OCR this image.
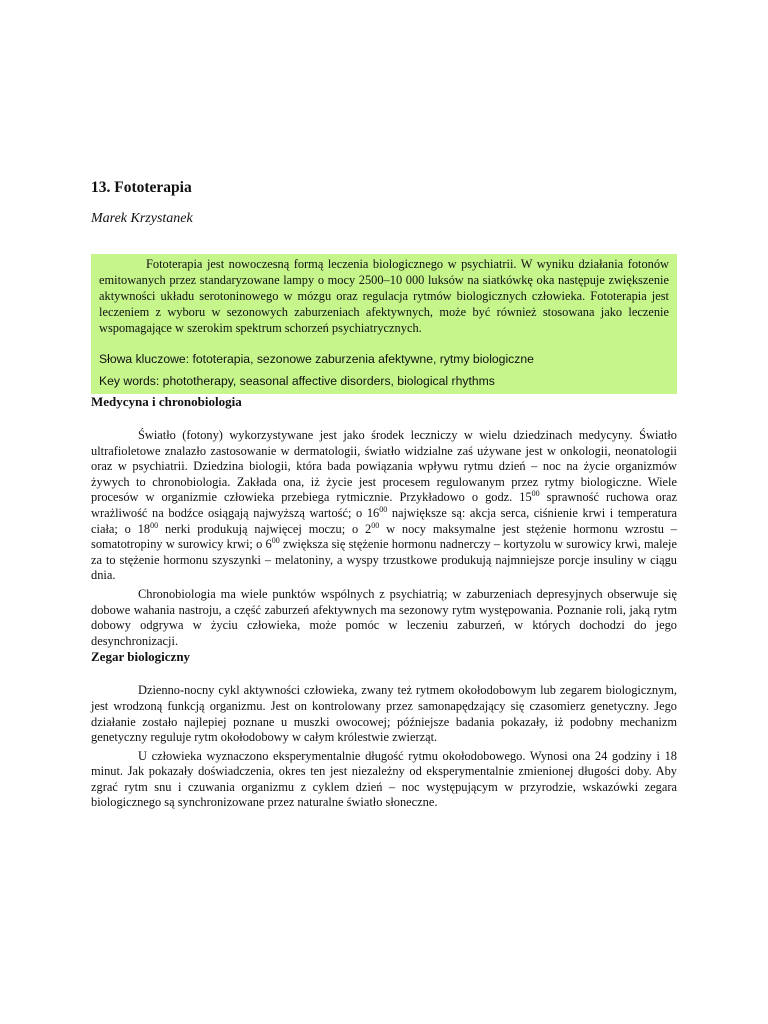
13. Fototerapia

Marek Krzystanek

Fototerapia jest nowoczesną formą leczenia biologicznego w psychiatrii. W wyniku działania fotonów emitowanych przez standaryzowane lampy o mocy 2500–10 000 luksów na siatkówkę oka następuje zwiększenie aktywności układu serotoninowego w mózgu oraz regulacja rytmów biologicznych człowieka. Fototerapia jest leczeniem z wyboru w sezonowych zaburzeniach afektywnych, może być również stosowana jako leczenie wspomagające w szerokim spektrum schorzeń psychiatrycznych.

Słowa kluczowe: fototerapia, sezonowe zaburzenia afektywne, rytmy biologiczne

Key words: phototherapy, seasonal affective disorders, biological rhythms

Medycyna i chronobiologia

Światło (fotony) wykorzystywane jest jako środek leczniczy w wielu dziedzinach medycyny. Światło ultrafioletowe znalazło zastosowanie w dermatologii, światło widzialne zaś używane jest w onkologii, neonatologii oraz w psychiatrii. Dziedzina biologii, która bada powiązania wpływu rytmu dzień – noc na życie organizmów żywych to chronobiologia. Zakłada ona, iż życie jest procesem regulowanym przez rytmy biologiczne. Wiele procesów w organizmie człowieka przebiega rytmicznie. Przykładowo o godz. $15^{00}$ sprawność ruchowa oraz wrażliwość na bodźce osiągają najwyższą wartość; o $16^{00}$ największe są: akcja serca, ciśnienie krwi i temperatura ciała; o $18^{00}$ nerki produkują najwięcej moczu; o $2^{00}$ w nocy maksymalne jest stężenie hormonu wzrostu – somatotropiny w surowicy krwi; o $6^{00}$ zwiększa się stężenie hormonu nadnerczy – kortyzolu w surowicy krwi, maleje za to stężenie hormonu szyszynki – melatoniny, a wyspy trzustkowe produkują najmniejsze porcje insuliny w ciągu dnia.

Chronobiologia ma wiele punktów wspólnych z psychiatrią; w zaburzeniach depresyjnych obserwuje się dobowe wahania nastroju, a część zaburzeń afektywnych ma sezonowy rytm występowania. Poznanie roli, jaką rytm dobowy odgrywa w życiu człowieka, może pomóc w leczeniu zaburzeń, w których dochodzi do jego desynchronizacji.

Zegar biologiczny

Dzienno-nocny cykl aktywności człowieka, zwany też rytmem okołodobowym lub zegarem biologicznym, jest wrodzoną funkcją organizmu. Jest on kontrolowany przez samonapędzający się czasomierz genetyczny. Jego działanie zostało najlepiej poznane u muszki owocowej; późniejsze badania pokazały, iż podobny mechanizm genetyczny reguluje rytm okołodobowy w całym królestwie zwierząt.

U człowieka wyznaczono eksperymentalnie długość rytmu okołodobowego. Wynosi ona 24 godziny i 18 minut. Jak pokazały doświadczenia, okres ten jest niezależny od eksperymentalnie zmienionej długości doby. Aby zgrać rytm snu i czuwania organizmu z cyklem dzień – noc występującym w przyrodzie, wskazówki zegara biologicznego są synchronizowane przez naturalne światło słoneczne.
